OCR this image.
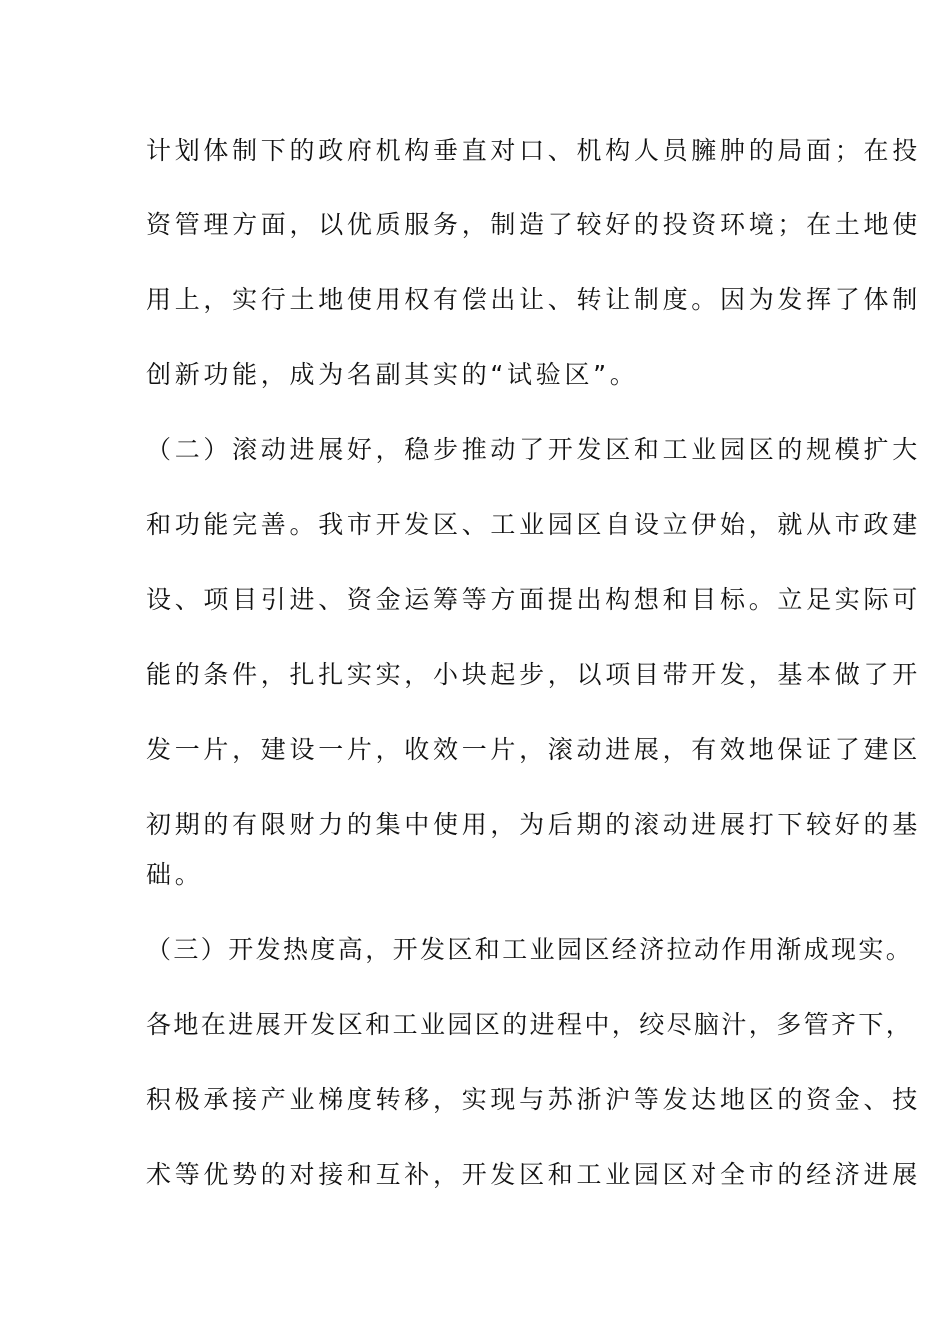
计划体制下的政府机构垂直对口、机构人员臃肿的局面；在投
资管理方面，以优质服务，制造了较好的投资环境；在土地使
用上，实行土地使用权有偿出让、转让制度。因为发挥了体制
创新功能，成为名副其实的“试验区”。
（二）滚动进展好，稳步推动了开发区和工业园区的规模扩大
和功能完善。我市开发区、工业园区自设立伊始，就从市政建
设、项目引进、资金运筹等方面提出构想和目标。立足实际可
能的条件，扎扎实实，小块起步，以项目带开发，基本做了开
发一片，建设一片，收效一片，滚动进展，有效地保证了建区
初期的有限财力的集中使用，为后期的滚动进展打下较好的基
础。
（三）开发热度高，开发区和工业园区经济拉动作用渐成现实。
各地在进展开发区和工业园区的进程中，绞尽脑汁，多管齐下，
积极承接产业梯度转移，实现与苏浙沪等发达地区的资金、技
术等优势的对接和互补，开发区和工业园区对全市的经济进展
